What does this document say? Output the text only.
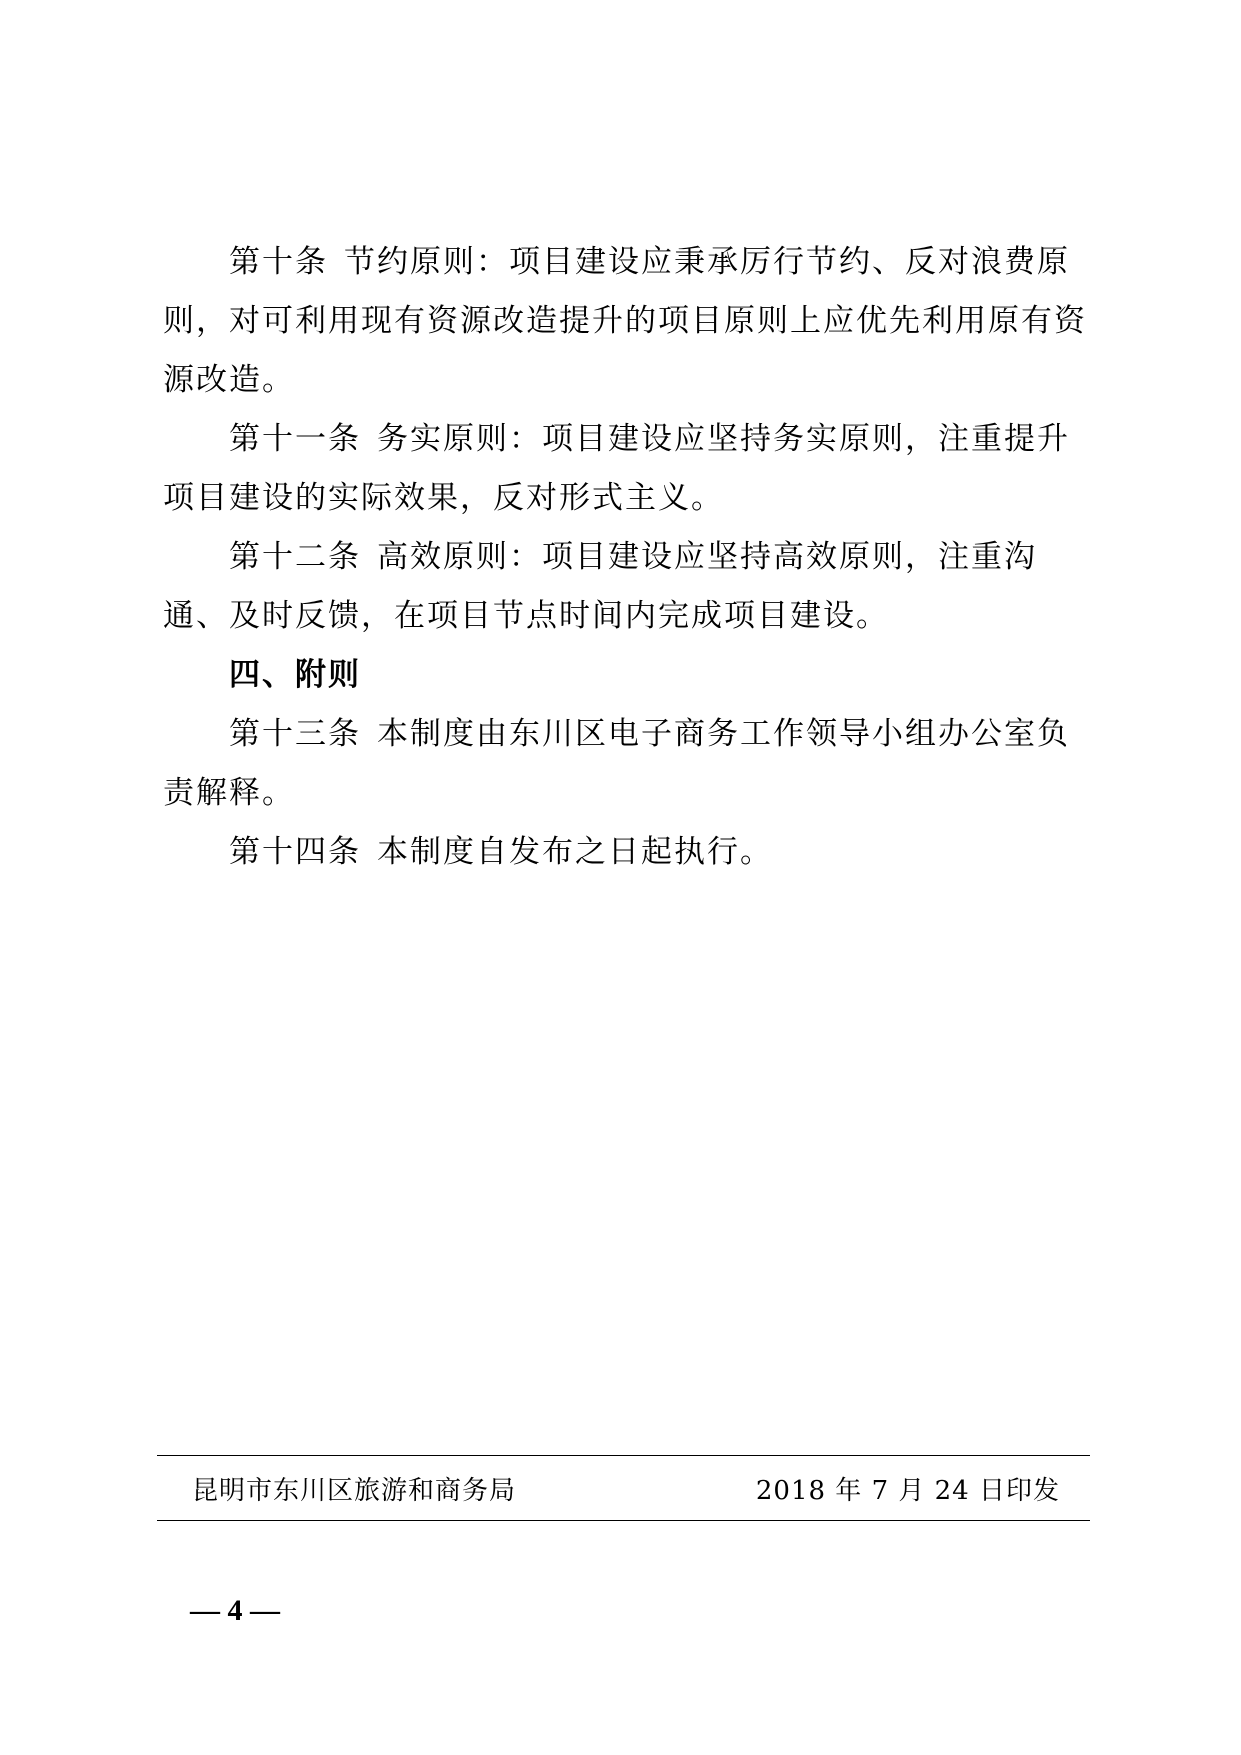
第十条 节约原则：项目建设应秉承厉行节约、反对浪费原则，对可利用现有资源改造提升的项目原则上应优先利用原有资源改造。

第十一条 务实原则：项目建设应坚持务实原则，注重提升项目建设的实际效果，反对形式主义。

第十二条 高效原则：项目建设应坚持高效原则，注重沟通、及时反馈，在项目节点时间内完成项目建设。

四、附则

第十三条 本制度由东川区电子商务工作领导小组办公室负责解释。

第十四条 本制度自发布之日起执行。

昆明市东川区旅游和商务局	2018 年 7 月 24 日印发
— 4 —
